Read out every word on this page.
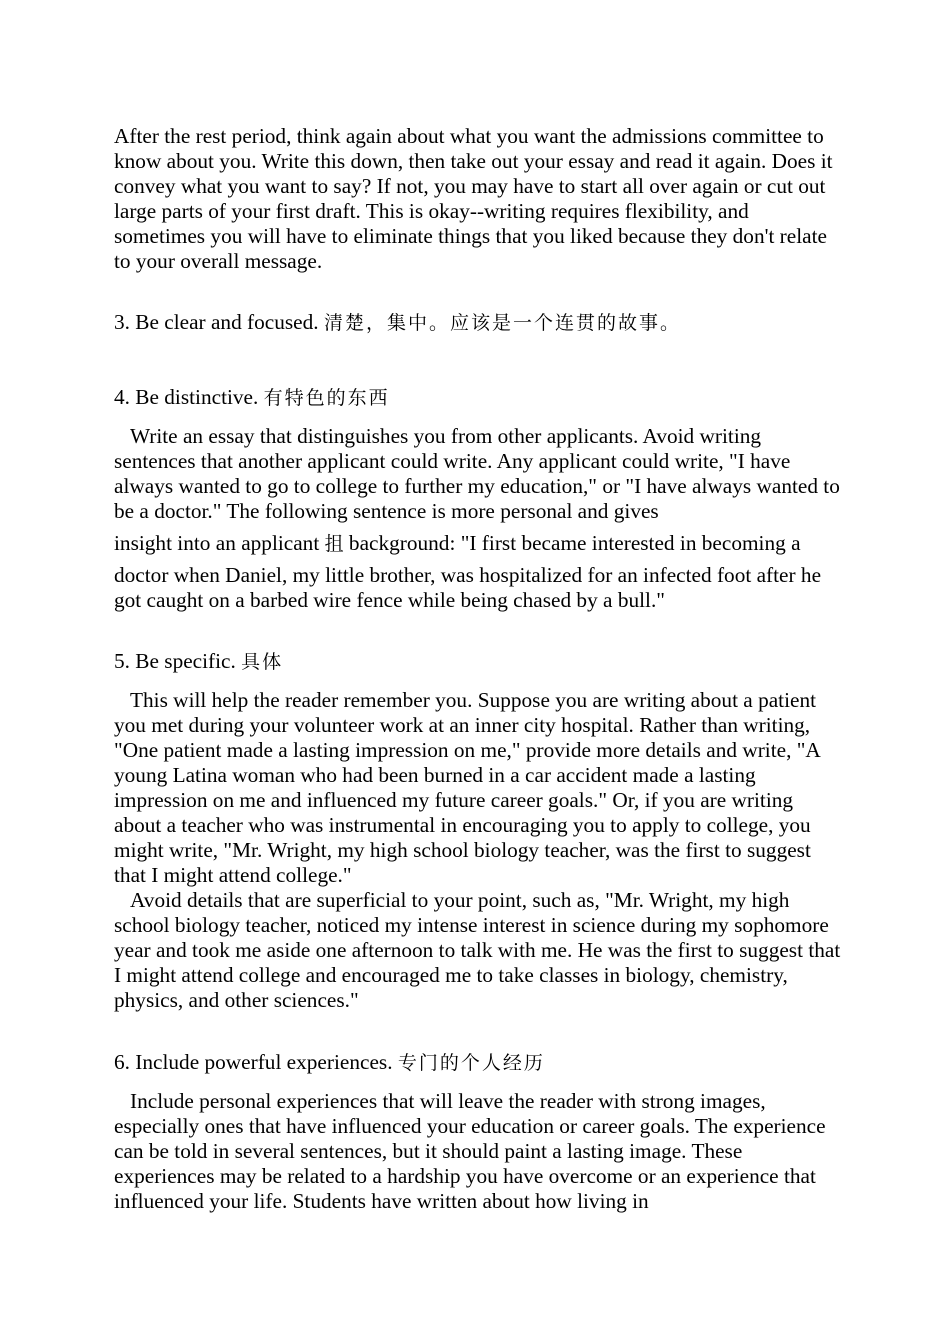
After the rest period, think again about what you want the admissions committee to know about you. Write this down, then take out your essay and read it again. Does it convey what you want to say? If not, you may have to start all over again or cut out large parts of your first draft. This is okay--writing requires flexibility, and sometimes you will have to eliminate things that you liked because they don't relate to your overall message.

3. Be clear and focused. 清楚，集中。应该是一个连贯的故事。

4. Be distinctive. 有特色的东西

Write an essay that distinguishes you from other applicants. Avoid writing sentences that another applicant could write. Any applicant could write, "I have always wanted to go to college to further my education," or "I have always wanted to be a doctor." The following sentence is more personal and gives

insight into an applicant 抯 background: "I first became interested in becoming a

doctor when Daniel, my little brother, was hospitalized for an infected foot after he got caught on a barbed wire fence while being chased by a bull."

5. Be specific. 具体

This will help the reader remember you. Suppose you are writing about a patient you met during your volunteer work at an inner city hospital. Rather than writing, "One patient made a lasting impression on me," provide more details and write, "A young Latina woman who had been burned in a car accident made a lasting impression on me and influenced my future career goals." Or, if you are writing about a teacher who was instrumental in encouraging you to apply to college, you might write, "Mr. Wright, my high school biology teacher, was the first to suggest that I might attend college."

Avoid details that are superficial to your point, such as, "Mr. Wright, my high school biology teacher, noticed my intense interest in science during my sophomore year and took me aside one afternoon to talk with me. He was the first to suggest that I might attend college and encouraged me to take classes in biology, chemistry, physics, and other sciences."

6. Include powerful experiences. 专门的个人经历

Include personal experiences that will leave the reader with strong images, especially ones that have influenced your education or career goals. The experience can be told in several sentences, but it should paint a lasting image. These experiences may be related to a hardship you have overcome or an experience that influenced your life. Students have written about how living in
